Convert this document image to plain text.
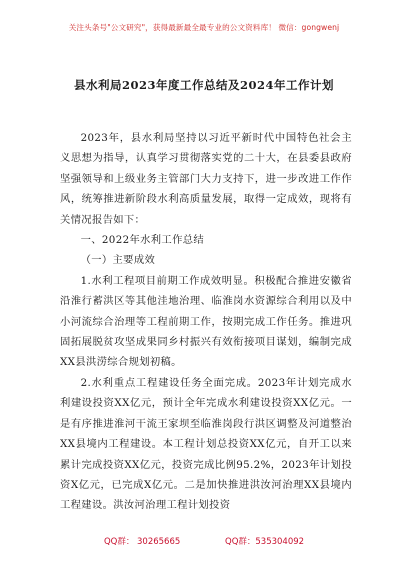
关注头条号"公文研究"，获得最新最全最专业的公文资料库！ 微信：gongwenj
县水利局2023年度工作总结及2024年工作计划

2023年，县水利局坚持以习近平新时代中国特色社会主义思想为指导，认真学习贯彻落实党的二十大，在县委县政府坚强领导和上级业务主管部门大力支持下，进一步改进工作作风，统筹推进新阶段水利高质量发展，取得一定成效，现将有关情况报告如下：

一、2022年水利工作总结

（一）主要成效

1.水利工程项目前期工作成效明显。积极配合推进安徽省沿淮行蓄洪区等其他洼地治理、临淮岗水资源综合利用以及中小河流综合治理等工程前期工作，按期完成工作任务。推进巩固拓展脱贫攻坚成果同乡村振兴有效衔接项目谋划，编制完成XX县洪涝综合规划初稿。

2.水利重点工程建设任务全面完成。2023年计划完成水利建设投资XX亿元，预计全年完成水利建设投资XX亿元。一是有序推进淮河干流王家坝至临淮岗段行洪区调整及河道整治XX县境内工程建设。本工程计划总投资XX亿元，自开工以来累计完成投资XX亿元，投资完成比例95.2%，2023年计划投资X亿元，已完成X亿元。二是加快推进洪汝河治理XX县境内工程建设。洪汝河治理工程计划投资

QQ群： 30265665	QQ群：535304092
